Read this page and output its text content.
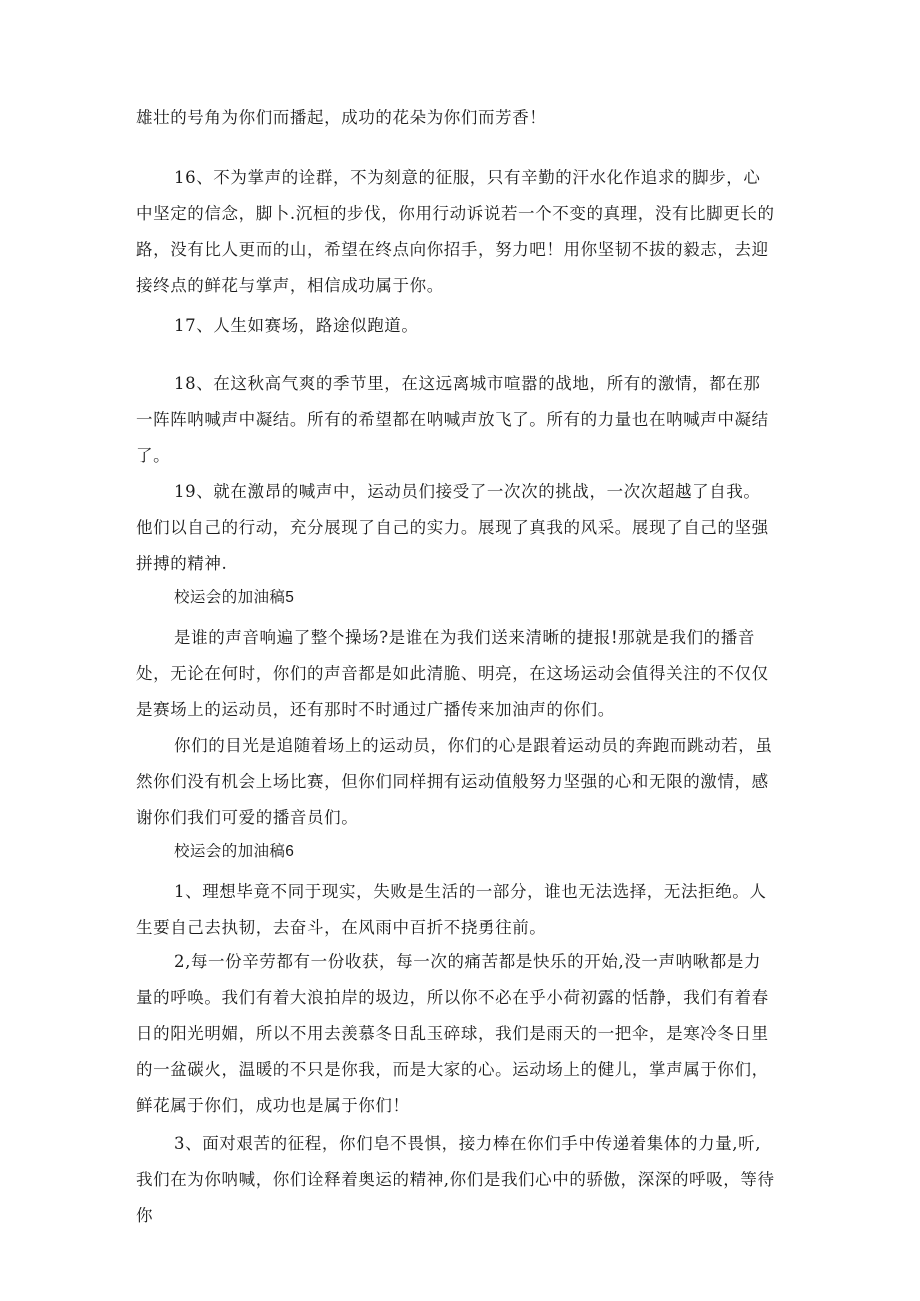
雄壮的号角为你们而播起，成功的花朵为你们而芳香！
16、不为掌声的诠群，不为刻意的征服，只有辛勤的汗水化作追求的脚步，心中坚定的信念，脚卜.沉桓的步伐，你用行动诉说若一个不变的真理，没有比脚更长的路，没有比人更而的山，希望在终点向你招手，努力吧！用你坚韧不拔的毅志，去迎接终点的鲜花与掌声，相信成功属于你。
17、人生如赛场，路途似跑道。
18、在这秋高气爽的季节里，在这远离城市喧嚣的战地，所有的激情，都在那一阵阵呐喊声中凝结。所有的希望都在呐喊声放飞了。所有的力量也在呐喊声中凝结了。
19、就在激昂的喊声中，运动员们接受了一次次的挑战，一次次超越了自我。他们以自己的行动，充分展现了自己的实力。展现了真我的风采。展现了自己的坚强拼搏的精神.
校运会的加油稿5
是谁的声音响遍了整个操场?是谁在为我们送来清晰的捷报!那就是我们的播音处，无论在何时，你们的声音都是如此清脆、明亮，在这场运动会值得关注的不仅仅是赛场上的运动员，还有那时不时通过广播传来加油声的你们。
你们的目光是追随着场上的运动员，你们的心是跟着运动员的奔跑而跳动若，虽然你们没有机会上场比赛，但你们同样拥有运动值般努力坚强的心和无限的激情，感谢你们我们可爱的播音员们。
校运会的加油稿6
1、理想毕竟不同于现实，失败是生活的一部分，谁也无法选择，无法拒绝。人生要自己去执韧，去奋斗，在风雨中百折不挠勇往前。
2,每一份辛劳都有一份收获，每一次的痛苦都是快乐的开始,没一声呐啾都是力量的呼唤。我们有着大浪拍岸的圾边，所以你不必在乎小荷初露的恬静，我们有着春日的阳光明媚，所以不用去羡慕冬日乱玉碎球，我们是雨天的一把伞，是寒冷冬日里的一盆碳火，温暖的不只是你我，而是大家的心。运动场上的健儿，掌声属于你们，鲜花属于你们，成功也是属于你们！
3、面对艰苦的征程，你们皂不畏惧，接力棒在你们手中传递着集体的力量,听,我们在为你呐喊，你们诠释着奥运的精神,你们是我们心中的骄傲，深深的呼吸，等待你
